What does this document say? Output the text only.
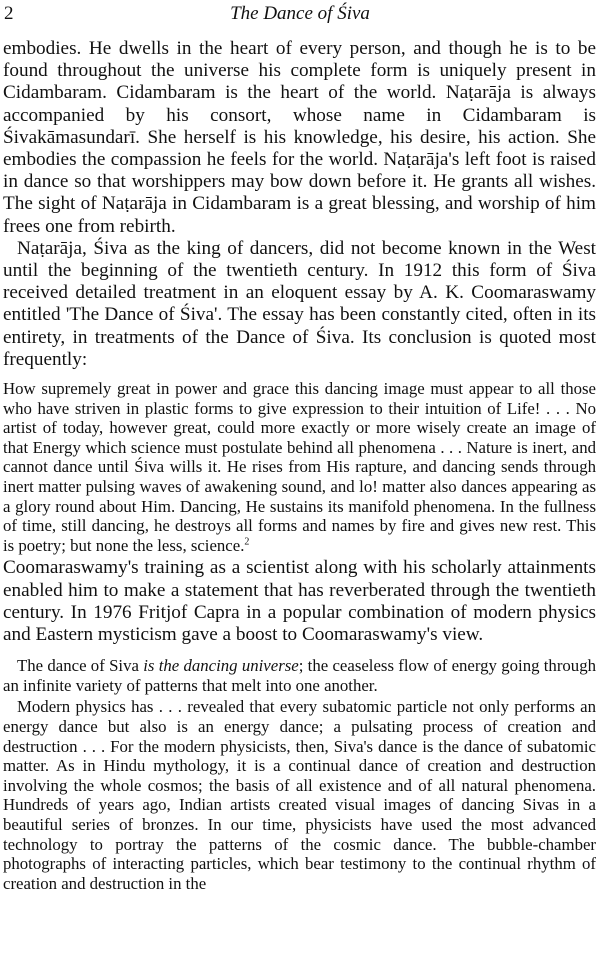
2	The Dance of Śiva

embodies. He dwells in the heart of every person, and though he is to be found throughout the universe his complete form is uniquely present in Cidambaram. Cidambaram is the heart of the world. Naṭarāja is always accompanied by his consort, whose name in Cidambaram is Śivakāmasundarī. She herself is his knowledge, his desire, his action. She embodies the compassion he feels for the world. Naṭarāja's left foot is raised in dance so that worshippers may bow down before it. He grants all wishes. The sight of Naṭarāja in Cidambaram is a great blessing, and worship of him frees one from rebirth.

Naṭarāja, Śiva as the king of dancers, did not become known in the West until the beginning of the twentieth century. In 1912 this form of Śiva received detailed treatment in an eloquent essay by A. K. Coomaraswamy entitled 'The Dance of Śiva'. The essay has been constantly cited, often in its entirety, in treatments of the Dance of Śiva. Its conclusion is quoted most frequently:

How supremely great in power and grace this dancing image must appear to all those who have striven in plastic forms to give expression to their intuition of Life! . . . No artist of today, however great, could more exactly or more wisely create an image of that Energy which science must postulate behind all phenomena . . . Nature is inert, and cannot dance until Śiva wills it. He rises from His rapture, and dancing sends through inert matter pulsing waves of awakening sound, and lo! matter also dances appearing as a glory round about Him. Dancing, He sustains its manifold phenomena. In the fullness of time, still dancing, he destroys all forms and names by fire and gives new rest. This is poetry; but none the less, science.$^2$

Coomaraswamy's training as a scientist along with his scholarly attainments enabled him to make a statement that has reverberated through the twentieth century. In 1976 Fritjof Capra in a popular combination of modern physics and Eastern mysticism gave a boost to Coomaraswamy's view.

The dance of Siva is the dancing universe; the ceaseless flow of energy going through an infinite variety of patterns that melt into one another.

Modern physics has . . . revealed that every subatomic particle not only performs an energy dance but also is an energy dance; a pulsating process of creation and destruction . . . For the modern physicists, then, Siva's dance is the dance of subatomic matter. As in Hindu mythology, it is a continual dance of creation and destruction involving the whole cosmos; the basis of all existence and of all natural phenomena. Hundreds of years ago, Indian artists created visual images of dancing Sivas in a beautiful series of bronzes. In our time, physicists have used the most advanced technology to portray the patterns of the cosmic dance. The bubble-chamber photographs of interacting particles, which bear testimony to the continual rhythm of creation and destruction in the
